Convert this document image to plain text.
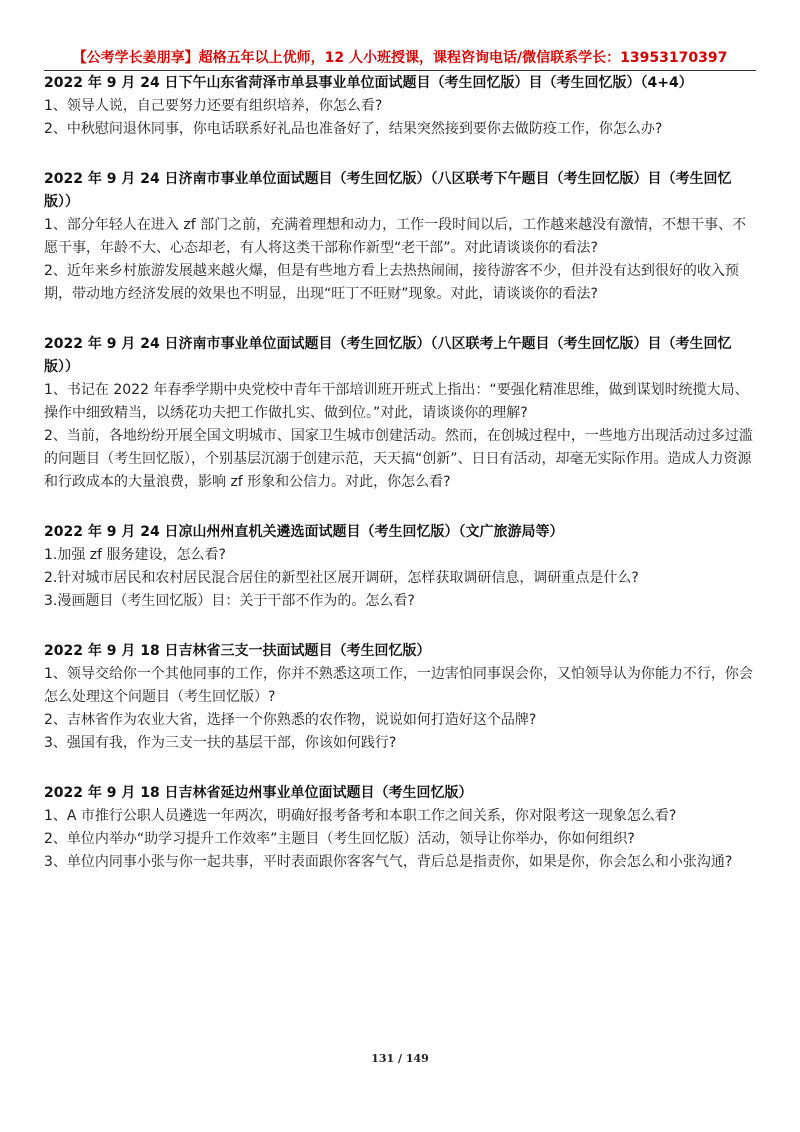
【公考学长姜朋享】超格五年以上优师，12 人小班授课，课程咨询电话/微信联系学长：13953170397
2022 年 9 月 24 日下午山东省菏泽市单县事业单位面试题目（考生回忆版）目（考生回忆版）（4+4）

1、领导人说，自己要努力还要有组织培养，你怎么看?

2、中秋慰问退休同事，你电话联系好礼品也准备好了，结果突然接到要你去做防疫工作，你怎么办?

2022 年 9 月 24 日济南市事业单位面试题目（考生回忆版）（八区联考下午题目（考生回忆版）目（考生回忆版））

1、部分年轻人在进入 zf 部门之前，充满着理想和动力，工作一段时间以后，工作越来越没有激情，不想干事、不愿干事，年龄不大、心态却老，有人将这类干部称作新型“老干部”。对此请谈谈你的看法?

2、近年来乡村旅游发展越来越火爆，但是有些地方看上去热热闹闹，接待游客不少，但并没有达到很好的收入预期，带动地方经济发展的效果也不明显，出现“旺丁不旺财”现象。对此，请谈谈你的看法?

2022 年 9 月 24 日济南市事业单位面试题目（考生回忆版）（八区联考上午题目（考生回忆版）目（考生回忆版））

1、书记在 2022 年春季学期中央党校中青年干部培训班开班式上指出：“要强化精准思维，做到谋划时统揽大局、操作中细致精当，以绣花功夫把工作做扎实、做到位。”对此，请谈谈你的理解?

2、当前，各地纷纷开展全国文明城市、国家卫生城市创建活动。然而，在创城过程中，一些地方出现活动过多过滥的问题目（考生回忆版），个别基层沉溺于创建示范，天天搞“创新”、日日有活动，却毫无实际作用。造成人力资源和行政成本的大量浪费，影响 zf 形象和公信力。对此，你怎么看?

2022 年 9 月 24 日凉山州州直机关遴选面试题目（考生回忆版）（文广旅游局等）

1.加强 zf 服务建设，怎么看?

2.针对城市居民和农村居民混合居住的新型社区展开调研，怎样获取调研信息，调研重点是什么?

3.漫画题目（考生回忆版）目：关于干部不作为的。怎么看?

2022 年 9 月 18 日吉林省三支一扶面试题目（考生回忆版）

1、领导交给你一个其他同事的工作，你并不熟悉这项工作，一边害怕同事误会你，又怕领导认为你能力不行，你会怎么处理这个问题目（考生回忆版）?

2、吉林省作为农业大省，选择一个你熟悉的农作物，说说如何打造好这个品牌?

3、强国有我，作为三支一扶的基层干部，你该如何践行?

2022 年 9 月 18 日吉林省延边州事业单位面试题目（考生回忆版）

1、A 市推行公职人员遴选一年两次，明确好报考备考和本职工作之间关系，你对限考这一现象怎么看?

2、单位内举办“助学习提升工作效率”主题目（考生回忆版）活动，领导让你举办，你如何组织?

3、单位内同事小张与你一起共事，平时表面跟你客客气气，背后总是指责你，如果是你，你会怎么和小张沟通?

131 / 149
